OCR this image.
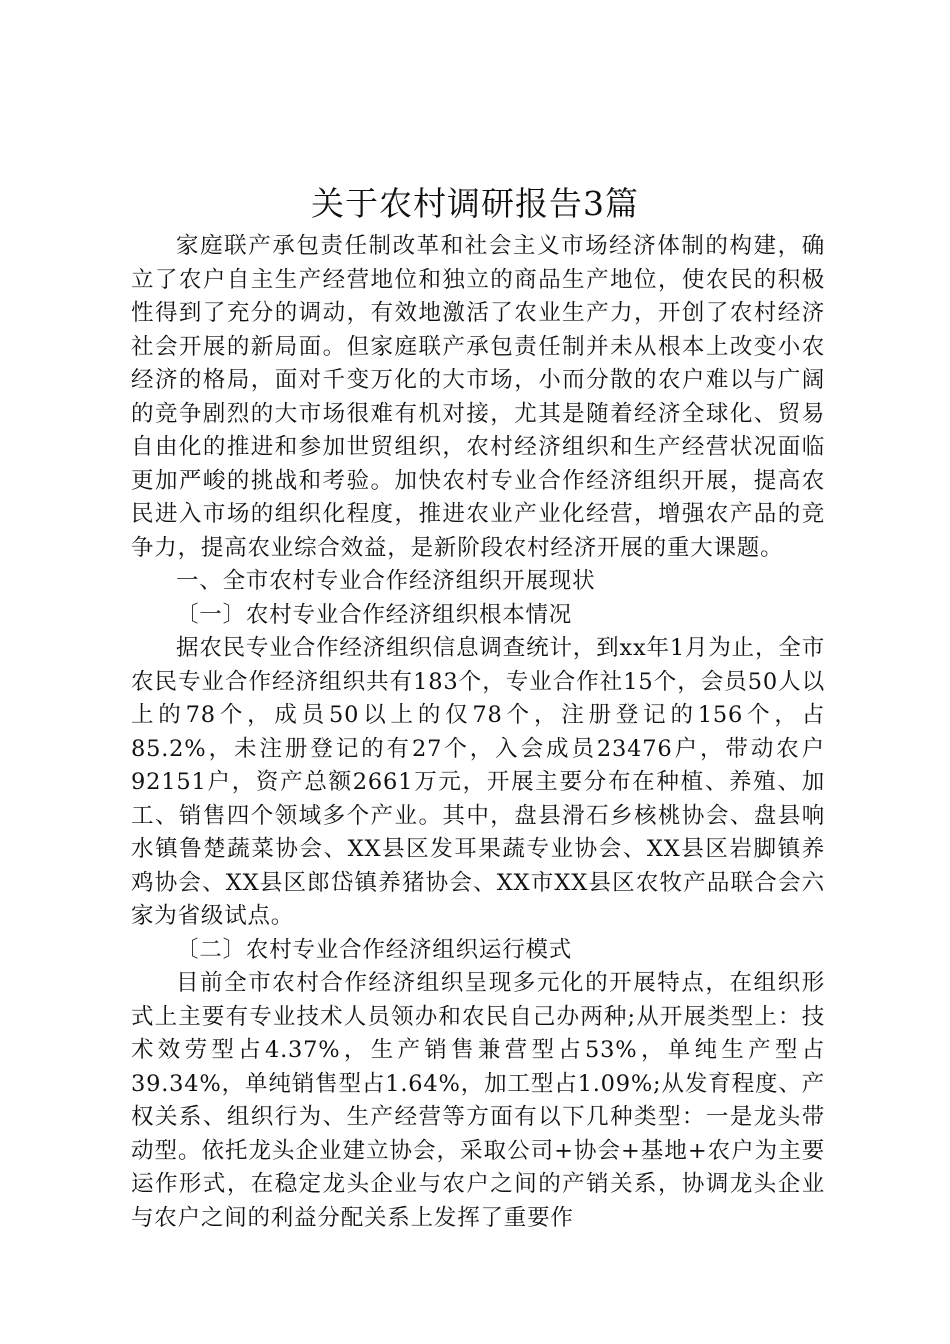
关于农村调研报告3篇

家庭联产承包责任制改革和社会主义市场经济体制的构建，确立了农户自主生产经营地位和独立的商品生产地位，使农民的积极性得到了充分的调动，有效地激活了农业生产力，开创了农村经济社会开展的新局面。但家庭联产承包责任制并未从根本上改变小农经济的格局，面对千变万化的大市场，小而分散的农户难以与广阔的竞争剧烈的大市场很难有机对接，尤其是随着经济全球化、贸易自由化的推进和参加世贸组织，农村经济组织和生产经营状况面临更加严峻的挑战和考验。加快农村专业合作经济组织开展，提高农民进入市场的组织化程度，推进农业产业化经营，增强农产品的竞争力，提高农业综合效益，是新阶段农村经济开展的重大课题。

一、全市农村专业合作经济组织开展现状

〔一〕农村专业合作经济组织根本情况

据农民专业合作经济组织信息调查统计，到xx年1月为止，全市农民专业合作经济组织共有183个，专业合作社15个，会员50人以上的78个，成员50以上的仅78个，注册登记的156个，占85.2%，未注册登记的有27个，入会成员23476户，带动农户92151户，资产总额2661万元，开展主要分布在种植、养殖、加工、销售四个领域多个产业。其中，盘县滑石乡核桃协会、盘县响水镇鲁楚蔬菜协会、XX县区发耳果蔬专业协会、XX县区岩脚镇养鸡协会、XX县区郎岱镇养猪协会、XX市XX县区农牧产品联合会六家为省级试点。

〔二〕农村专业合作经济组织运行模式

目前全市农村合作经济组织呈现多元化的开展特点，在组织形式上主要有专业技术人员领办和农民自己办两种;从开展类型上：技术效劳型占4.37%，生产销售兼营型占53%，单纯生产型占39.34%，单纯销售型占1.64%，加工型占1.09%;从发育程度、产权关系、组织行为、生产经营等方面有以下几种类型：一是龙头带动型。依托龙头企业建立协会，采取公司+协会+基地+农户为主要运作形式，在稳定龙头企业与农户之间的产销关系，协调龙头企业与农户之间的利益分配关系上发挥了重要作
